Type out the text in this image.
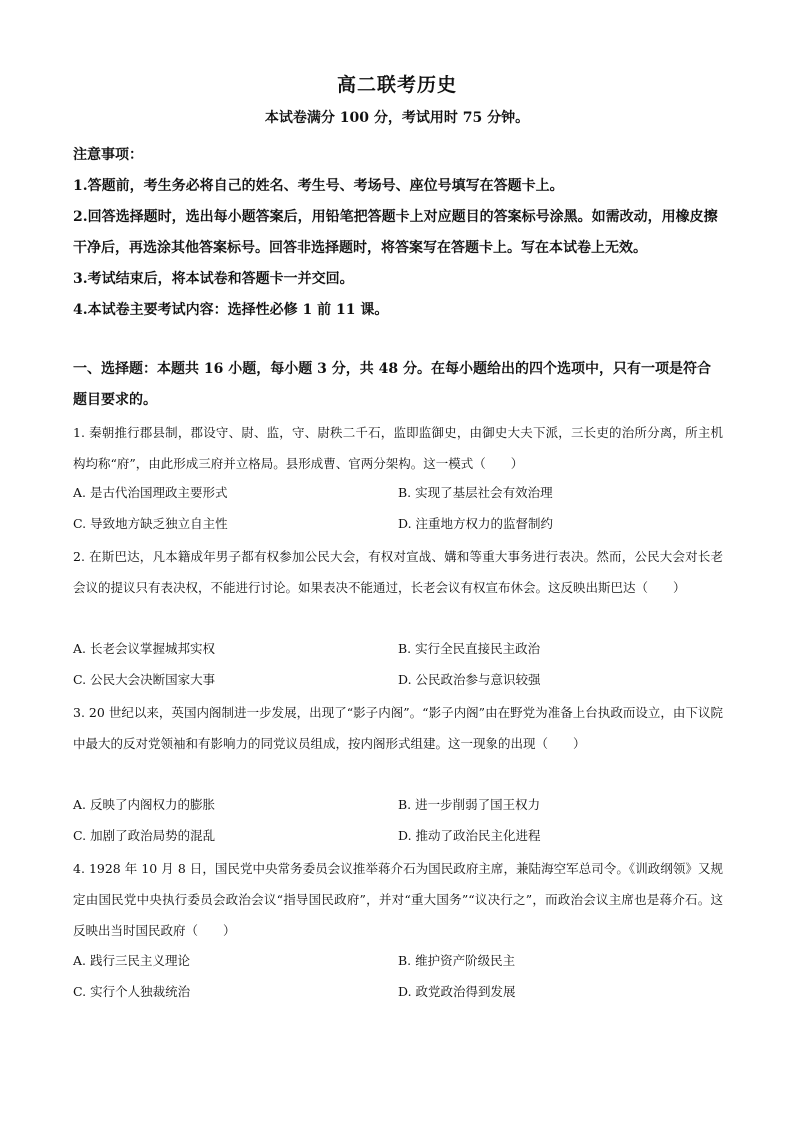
高二联考历史
本试卷满分 100 分，考试用时 75 分钟。

注意事项：

1.答题前，考生务必将自己的姓名、考生号、考场号、座位号填写在答题卡上。

2.回答选择题时，选出每小题答案后，用铅笔把答题卡上对应题目的答案标号涂黑。如需改动，用橡皮擦干净后，再选涂其他答案标号。回答非选择题时，将答案写在答题卡上。写在本试卷上无效。

3.考试结束后，将本试卷和答题卡一并交回。

4.本试卷主要考试内容：选择性必修 1 前 11 课。

一、选择题：本题共 16 小题，每小题 3 分，共 48 分。在每小题给出的四个选项中，只有一项是符合题目要求的。
1. 秦朝推行郡县制，郡设守、尉、监，守、尉秩二千石，监即监御史，由御史大夫下派，三长吏的治所分离，所主机构均称“府”，由此形成三府并立格局。县形成曹、官两分架构。这一模式（　　）
A. 是古代治国理政主要形式	B. 实现了基层社会有效治理
C. 导致地方缺乏独立自主性	D. 注重地方权力的监督制约
2. 在斯巴达，凡本籍成年男子都有权参加公民大会，有权对宣战、媾和等重大事务进行表决。然而，公民大会对长老会议的提议只有表决权，不能进行讨论。如果表决不能通过，长老会议有权宣布休会。这反映出斯巴达（　　）
A. 长老会议掌握城邦实权	B. 实行全民直接民主政治
C. 公民大会决断国家大事	D. 公民政治参与意识较强
3. 20 世纪以来，英国内阁制进一步发展，出现了“影子内阁”。“影子内阁”由在野党为准备上台执政而设立，由下议院中最大的反对党领袖和有影响力的同党议员组成，按内阁形式组建。这一现象的出现（　　）
A. 反映了内阁权力的膨胀	B. 进一步削弱了国王权力
C. 加剧了政治局势的混乱	D. 推动了政治民主化进程
4. 1928 年 10 月 8 日，国民党中央常务委员会议推举蒋介石为国民政府主席，兼陆海空军总司令。《训政纲领》又规定由国民党中央执行委员会政治会议“指导国民政府”，并对“重大国务”“议决行之”，而政治会议主席也是蒋介石。这反映出当时国民政府（　　）
A. 践行三民主义理论	B. 维护资产阶级民主
C. 实行个人独裁统治	D. 政党政治得到发展
